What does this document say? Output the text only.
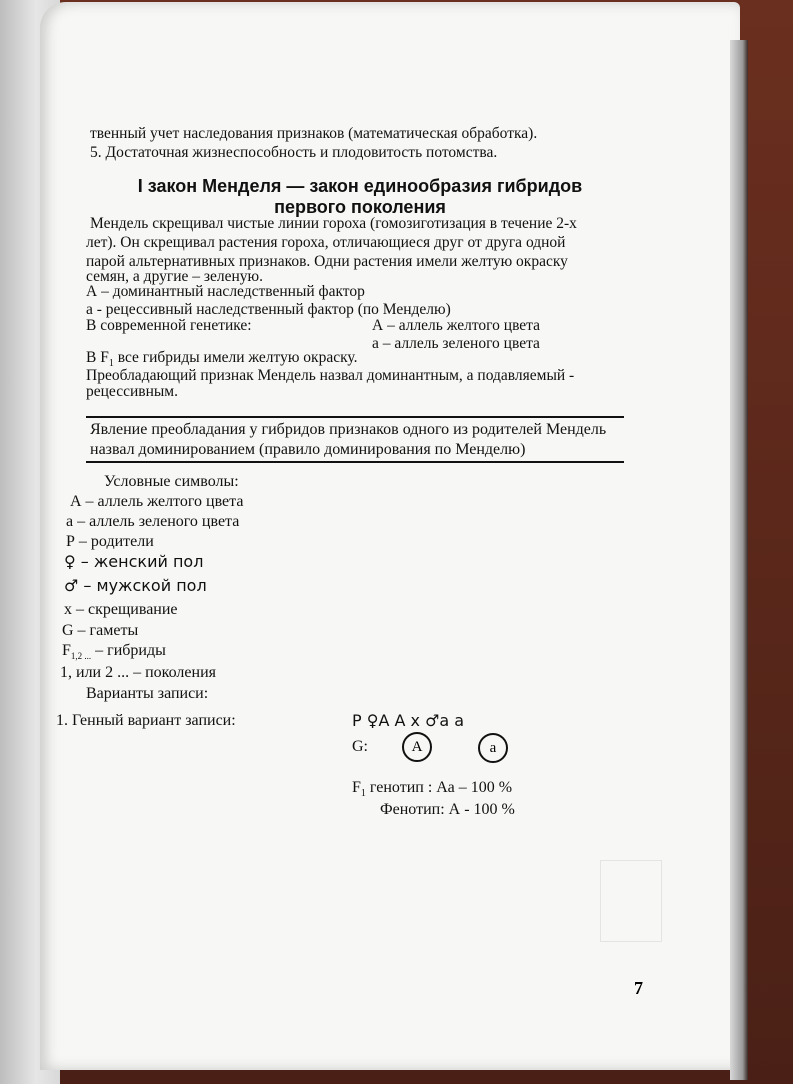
твенный учет наследования признаков (математическая обработка).
5. Достаточная жизнеспособность и плодовитость потомства.
I закон Менделя — закон единообразия гибридов
первого поколения
Мендель скрещивал чистые линии гороха (гомозиготизация в течение 2-х
лет). Он скрещивал растения гороха, отличающиеся друг от друга одной
парой альтернативных признаков. Одни растения имели желтую окраску
семян, а другие – зеленую.
А – доминантный наследственный фактор
а - рецессивный наследственный фактор (по Менделю)
В современной генетике:	А – аллель желтого цвета
а – аллель зеленого цвета
В $F_1$ все гибриды имели желтую окраску.
Преобладающий признак Мендель назвал доминантным, а подавляемый -
рецессивным.
Явление преобладания у гибридов признаков одного из родителей Мендель
назвал доминированием (правило доминирования по Менделю)
Условные символы:
А – аллель желтого цвета
а – аллель зеленого цвета
Р – родители
♀ – женский пол
♂ – мужской пол
х – скрещивание
G – гаметы
$F_{1,2 ...}$ – гибриды
1, или 2 ... – поколения
Варианты записи:
1. Генный вариант записи:	Р ♀А А х ♂а а
G:	А	а
$F_1$ генотип : Аа – 100 %
Фенотип: А - 100 %
7
